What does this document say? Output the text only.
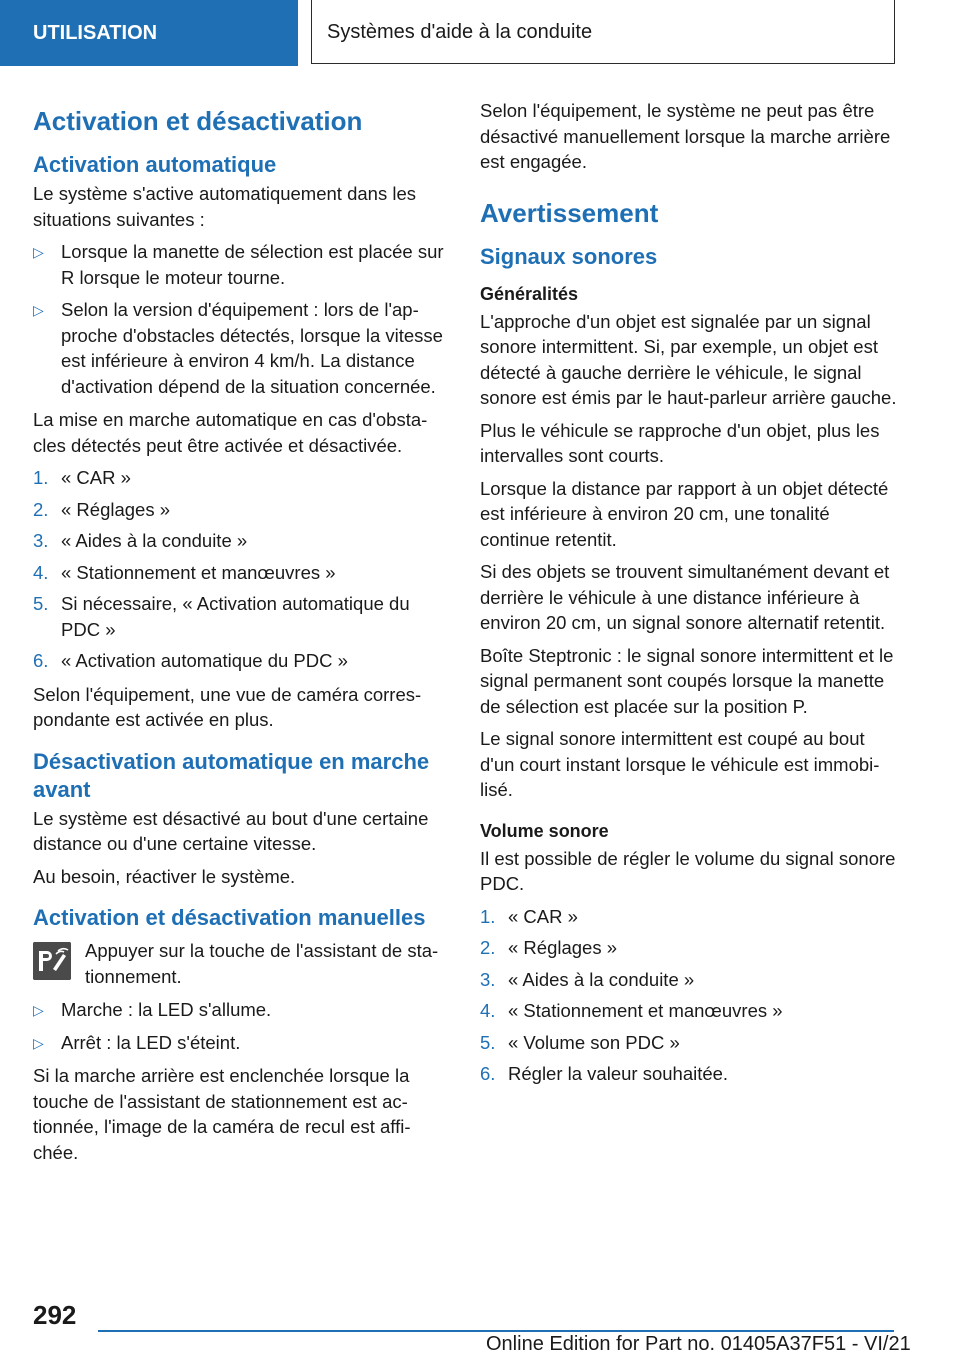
UTILISATION	Systèmes d'aide à la conduite
Activation et désactivation
Activation automatique

Le système s'active automatiquement dans les situations suivantes :

▷ Lorsque la manette de sélection est placée sur R lorsque le moteur tourne.
▷ Selon la version d'équipement : lors de l'approche d'obstacles détectés, lorsque la vitesse est inférieure à environ 4 km/h. La distance d'activation dépend de la situation concernée.

La mise en marche automatique en cas d'obstacles détectés peut être activée et désactivée.

1. « CAR »
2. « Réglages »
3. « Aides à la conduite »
4. « Stationnement et manœuvres »
5. Si nécessaire, « Activation automatique du PDC »
6. « Activation automatique du PDC »

Selon l'équipement, une vue de caméra correspondante est activée en plus.

Désactivation automatique en marche avant

Le système est désactivé au bout d'une certaine distance ou d'une certaine vitesse.

Au besoin, réactiver le système.

Activation et désactivation manuelles

Appuyer sur la touche de l'assistant de stationnement.

▷ Marche : la LED s'allume.
▷ Arrêt : la LED s'éteint.

Si la marche arrière est enclenchée lorsque la touche de l'assistant de stationnement est actionnée, l'image de la caméra de recul est affichée.

Selon l'équipement, le système ne peut pas être désactivé manuellement lorsque la marche arrière est engagée.

Avertissement
Signaux sonores
Généralités

L'approche d'un objet est signalée par un signal sonore intermittent. Si, par exemple, un objet est détecté à gauche derrière le véhicule, le signal sonore est émis par le haut-parleur arrière gauche.

Plus le véhicule se rapproche d'un objet, plus les intervalles sont courts.

Lorsque la distance par rapport à un objet détecté est inférieure à environ 20 cm, une tonalité continue retentit.

Si des objets se trouvent simultanément devant et derrière le véhicule à une distance inférieure à environ 20 cm, un signal sonore alternatif retentit.

Boîte Steptronic : le signal sonore intermittent et le signal permanent sont coupés lorsque la manette de sélection est placée sur la position P.

Le signal sonore intermittent est coupé au bout d'un court instant lorsque le véhicule est immobilisé.

Volume sonore

Il est possible de régler le volume du signal sonore PDC.

1. « CAR »
2. « Réglages »
3. « Aides à la conduite »
4. « Stationnement et manœuvres »
5. « Volume son PDC »
6. Régler la valeur souhaitée.
292
Online Edition for Part no. 01405A37F51 - VI/21
